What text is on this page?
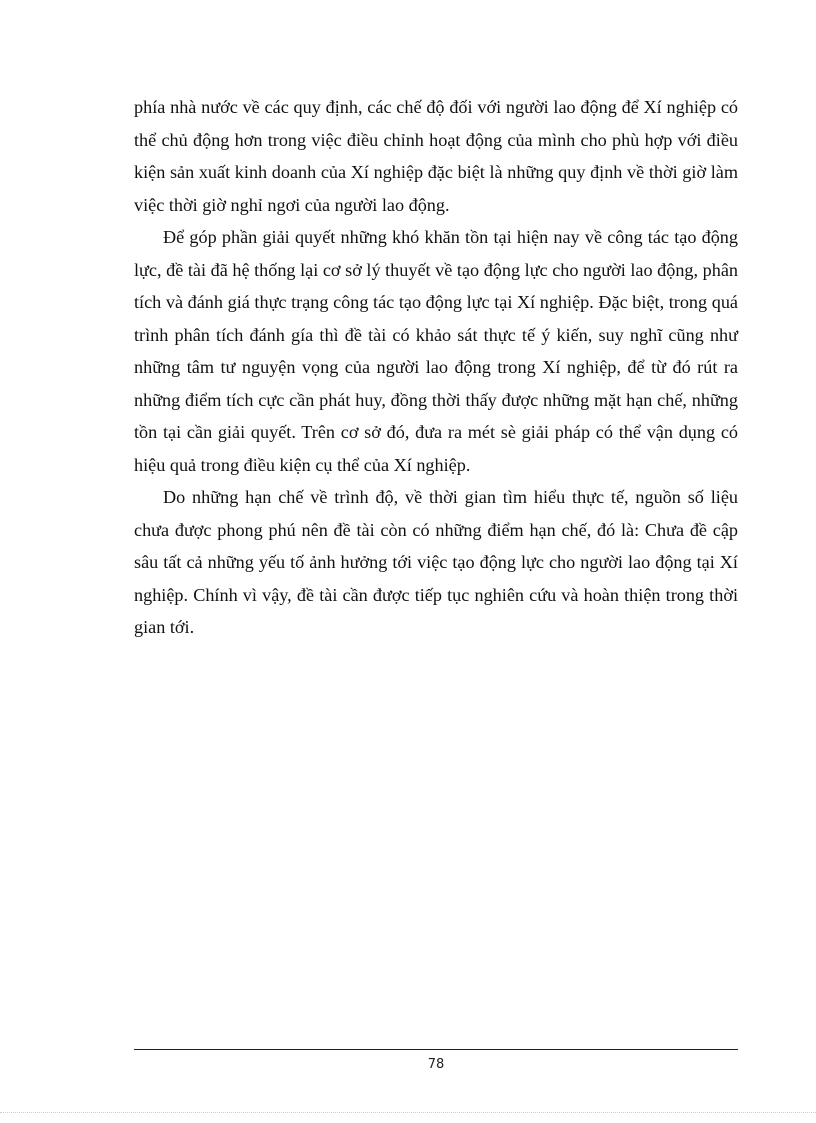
phía nhà nước về các quy định, các chế độ đối với người lao động để Xí nghiệp có thể chủ động hơn trong việc điều chỉnh hoạt động của mình cho phù hợp với điều kiện sản xuất kinh doanh của Xí nghiệp đặc biệt là những quy định về thời giờ làm việc thời giờ nghỉ ngơi của người lao động.

Để góp phần giải quyết những khó khăn tồn tại hiện nay về công tác tạo động lực, đề tài đã hệ thống lại cơ sở lý thuyết về tạo động lực cho người lao động, phân tích và đánh giá thực trạng công tác tạo động lực tại Xí nghiệp. Đặc biệt, trong quá trình phân tích đánh gía thì đề tài có khảo sát thực tế ý kiến, suy nghĩ cũng như những tâm tư nguyện vọng của người lao động trong Xí nghiệp, để từ đó rút ra những điểm tích cực cần phát huy, đồng thời thấy được những mặt hạn chế, những tồn tại cần giải quyết. Trên cơ sở đó, đưa ra mét sè giải pháp có thể vận dụng có hiệu quả trong điều kiện cụ thể của Xí nghiệp.

Do những hạn chế về trình độ, về thời gian tìm hiểu thực tế, nguồn số liệu chưa được phong phú nên đề tài còn có những điểm hạn chế, đó là: Chưa đề cập sâu tất cả những yếu tố ảnh hưởng tới việc tạo động lực cho người lao động tại Xí nghiệp. Chính vì vậy, đề tài cần được tiếp tục nghiên cứu và hoàn thiện trong thời gian tới.

78
